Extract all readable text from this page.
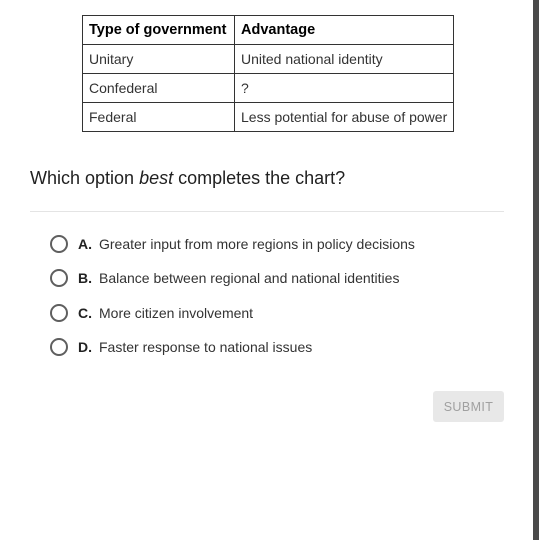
Type of government	Advantage
Unitary	United national identity
Confederal	?
Federal	Less potential for abuse of power
Which option best completes the chart?
A. Greater input from more regions in policy decisions
B. Balance between regional and national identities
C. More citizen involvement
D. Faster response to national issues
SUBMIT
